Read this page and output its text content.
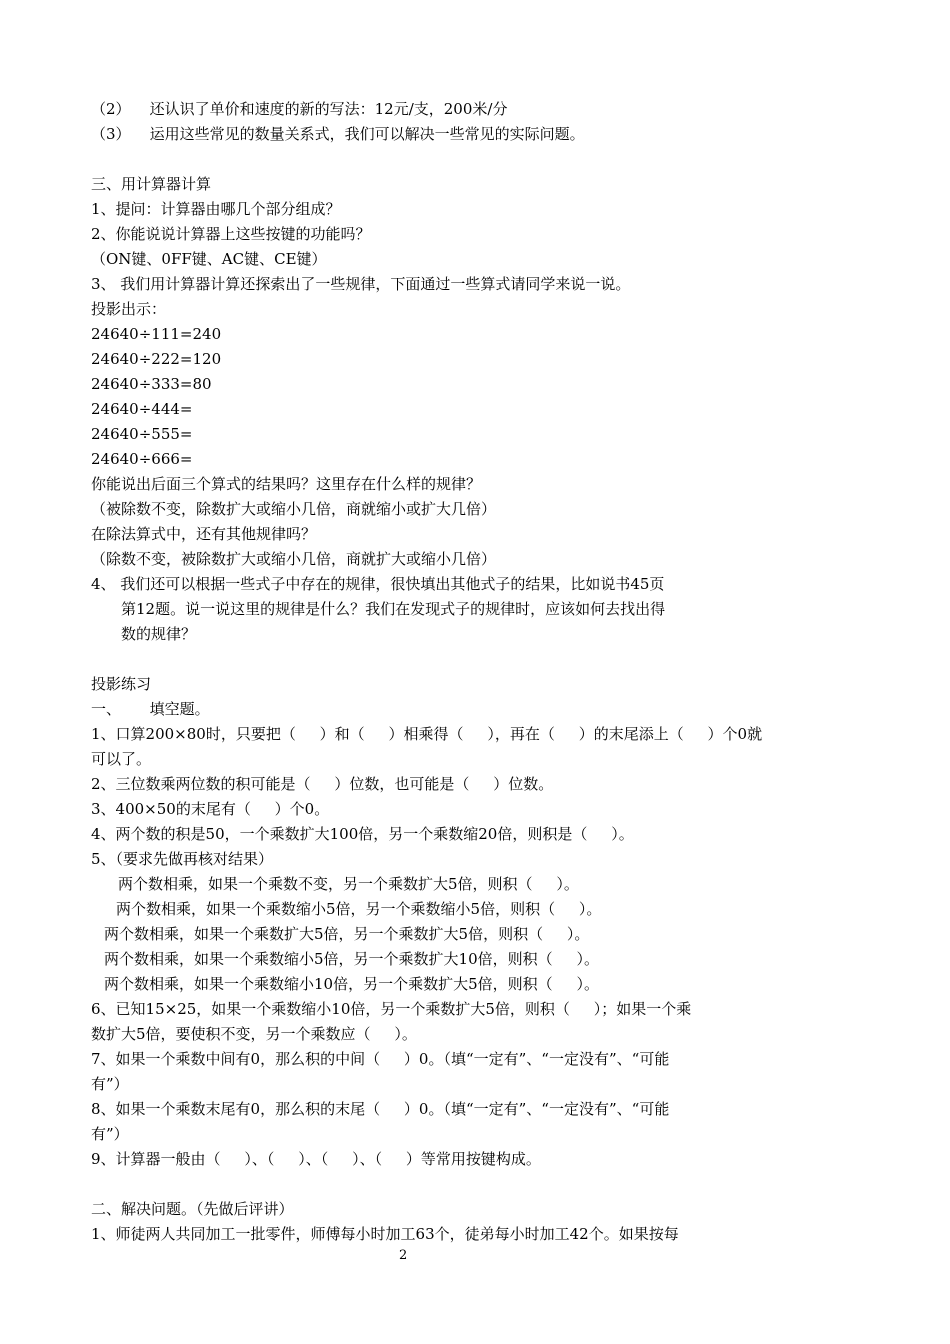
（2）    还认识了单价和速度的新的写法：12元/支，200米/分
（3）    运用这些常见的数量关系式，我们可以解决一些常见的实际问题。
三、用计算器计算
1、提问：计算器由哪几个部分组成？
2、你能说说计算器上这些按键的功能吗？
（ON键、0FF键、AC键、CE键）
3、 我们用计算器计算还探索出了一些规律，下面通过一些算式请同学来说一说。
投影出示：
24640÷111=240
24640÷222=120
24640÷333=80
24640÷444=
24640÷555=
24640÷666=
你能说出后面三个算式的结果吗？这里存在什么样的规律？
（被除数不变，除数扩大或缩小几倍，商就缩小或扩大几倍）
在除法算式中，还有其他规律吗？
（除数不变，被除数扩大或缩小几倍，商就扩大或缩小几倍）
4、 我们还可以根据一些式子中存在的规律，很快填出其他式子的结果，比如说书45页
第12题。说一说这里的规律是什么？我们在发现式子的规律时，应该如何去找出得
数的规律？
投影练习
一、      填空题。
1、口算200×80时，只要把（     ）和（     ）相乘得（     ），再在（     ）的末尾添上（     ）个0就
可以了。
2、三位数乘两位数的积可能是（     ）位数，也可能是（     ）位数。
3、400×50的末尾有（     ）个0。
4、两个数的积是50，一个乘数扩大100倍，另一个乘数缩20倍，则积是（     ）。
5、（要求先做再核对结果）
两个数相乘，如果一个乘数不变，另一个乘数扩大5倍，则积（     ）。
两个数相乘，如果一个乘数缩小5倍，另一个乘数缩小5倍，则积（     ）。
两个数相乘，如果一个乘数扩大5倍，另一个乘数扩大5倍，则积（     ）。
两个数相乘，如果一个乘数缩小5倍，另一个乘数扩大10倍，则积（     ）。
两个数相乘，如果一个乘数缩小10倍，另一个乘数扩大5倍，则积（     ）。
6、已知15×25，如果一个乘数缩小10倍，另一个乘数扩大5倍，则积（     ）；如果一个乘
数扩大5倍，要使积不变，另一个乘数应（     ）。
7、如果一个乘数中间有0，那么积的中间（     ）0。（填“一定有”、“一定没有”、“可能
有”）
8、如果一个乘数末尾有0，那么积的末尾（     ）0。（填“一定有”、“一定没有”、“可能
有”）
9、计算器一般由（     ）、（     ）、（     ）、（     ）等常用按键构成。
二、解决问题。（先做后评讲）
1、师徒两人共同加工一批零件，师傅每小时加工63个，徒弟每小时加工42个。如果按每
2
